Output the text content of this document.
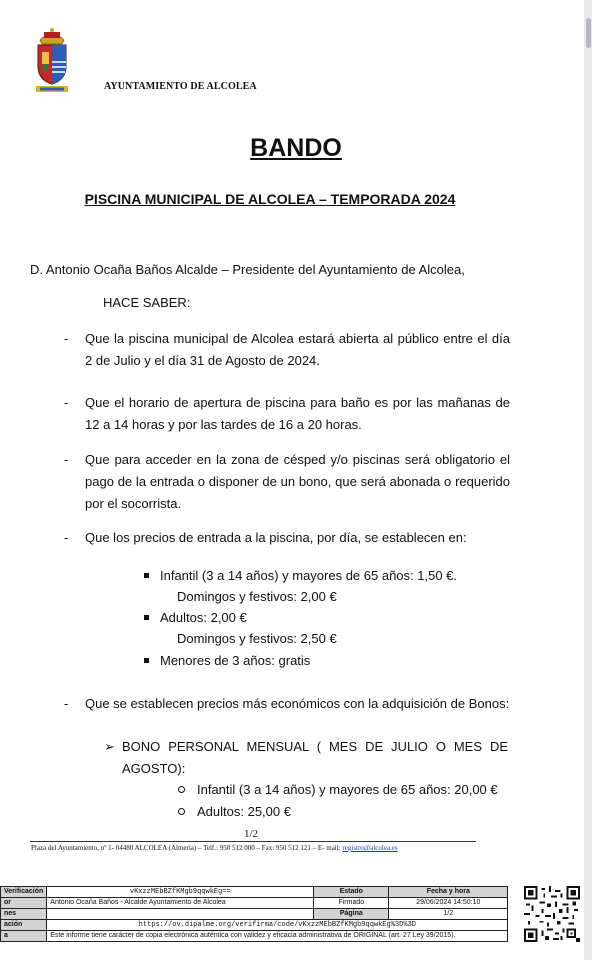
AYUNTAMIENTO DE ALCOLEA
BANDO
PISCINA MUNICIPAL DE ALCOLEA – TEMPORADA 2024
D. Antonio Ocaña Baños Alcalde – Presidente del Ayuntamiento de Alcolea,
HACE SABER:
- Que la piscina municipal de Alcolea estará abierta al público entre el día 2 de Julio y el día 31 de Agosto de 2024.
- Que el horario de apertura de piscina para baño es por las mañanas de 12 a 14 horas y por las tardes de 16 a 20 horas.
- Que para acceder en la zona de césped y/o piscinas será obligatorio el pago de la entrada o disponer de un bono, que será abonada o requerido por el socorrista.
- Que los precios de entrada a la piscina, por día, se establecen en:
Infantil (3 a 14 años) y mayores de 65 años: 1,50 €.
Domingos y festivos: 2,00 €
Adultos: 2,00 €
Domingos y festivos: 2,50 €
Menores de 3 años: gratis
- Que se establecen precios más económicos con la adquisición de Bonos:
➢ BONO PERSONAL MENSUAL ( MES DE JULIO O MES DE AGOSTO):
Infantil (3 a 14 años) y mayores de 65 años: 20,00 €
Adultos: 25,00 €
1/2
Plaza del Ayuntamiento, nº 1- 04480 ALCOLEA (Almería) – Telf.: 950 512 000 – Fax: 950 512 121 – E- mail: registro@alcolea.es
Verificación	vKxzzMEbBZfKMgb9qqwkEg==	Estado	Fecha y hora
or	Antonio Ocaña Baños - Alcalde Ayuntamiento de Alcolea	Firmado	29/06/2024 14:50:10
nes		Página	1/2
ación	https://ov.dipalme.org/verifirma/code/vKxzzMEbBZfKMgb9qqwkEg%3D%3D		
a	Este informe tiene carácter de copia electrónica auténtica con validez y eficacia administrativa de ORIGINAL (art. 27 Ley 39/2015).		
